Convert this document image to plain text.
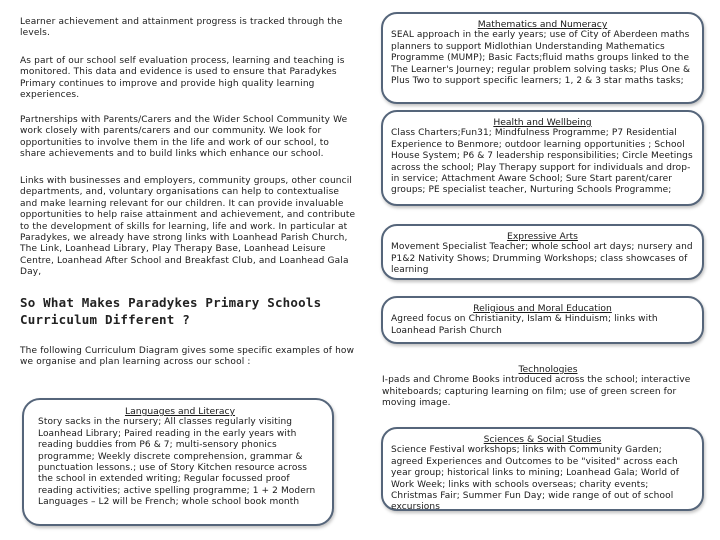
Learner achievement and attainment progress is tracked through the levels.
As part of our school self evaluation process, learning and teaching is monitored. This data and evidence is used to ensure that Paradykes Primary continues to improve and provide high quality learning experiences.
Partnerships with Parents/Carers and the Wider School Community We work closely with parents/carers and our community. We look for opportunities to involve them in the life and work of our school, to share achievements and to build links which enhance our school.
Links with businesses and employers, community groups, other council departments, and, voluntary organisations can help to contextualise and make learning relevant for our children. It can provide invaluable opportunities to help raise attainment and achievement, and contribute to the development of skills for learning, life and work. In particular at Paradykes, we already have strong links with Loanhead Parish Church, The Link, Loanhead Library, Play Therapy Base, Loanhead Leisure Centre, Loanhead After School and Breakfast Club, and Loanhead Gala Day,
So What Makes Paradykes Primary Schools Curriculum Different ?
The following Curriculum Diagram gives some specific examples of how we organise and plan learning across our school :
Languages and Literacy
Story sacks in the nursery; All classes regularly visiting Loanhead Library; Paired reading in the early years with reading buddies from P6 & 7; multi-sensory phonics programme; Weekly discrete comprehension, grammar & punctuation lessons.; use of Story Kitchen resource across the school in extended writing; Regular focussed proof reading activities; active spelling programme; 1 + 2 Modern Languages – L2 will be French; whole school book month
Mathematics and Numeracy
SEAL approach in the early years; use of City of Aberdeen maths planners to support Midlothian Understanding Mathematics Programme (MUMP); Basic Facts;fluid maths groups linked to the The Learner's Journey; regular problem solving tasks; Plus One & Plus Two to support specific learners; 1, 2 & 3 star maths tasks;
Health and Wellbeing
Class Charters;Fun31; Mindfulness Programme; P7 Residential Experience to Benmore; outdoor learning opportunities ; School House System; P6 & 7 leadership responsibilities; Circle Meetings across the school; Play Therapy support for individuals and drop-in service; Attachment Aware School; Sure Start parent/carer groups; PE specialist teacher, Nurturing Schools Programme;
Expressive Arts
Movement Specialist Teacher; whole school art days; nursery and P1&2 Nativity Shows; Drumming Workshops; class showcases of learning
Religious and Moral Education
Agreed focus on Christianity, Islam & Hinduism; links with Loanhead Parish Church
Technologies
I-pads and Chrome Books introduced across the school; interactive whiteboards; capturing learning on film; use of green screen for moving image.
Sciences & Social Studies
Science Festival workshops; links with Community Garden; agreed Experiences and Outcomes to be "visited" across each year group; historical links to mining; Loanhead Gala; World of Work Week; links with schools overseas; charity events; Christmas Fair; Summer Fun Day; wide range of out of school excursions
